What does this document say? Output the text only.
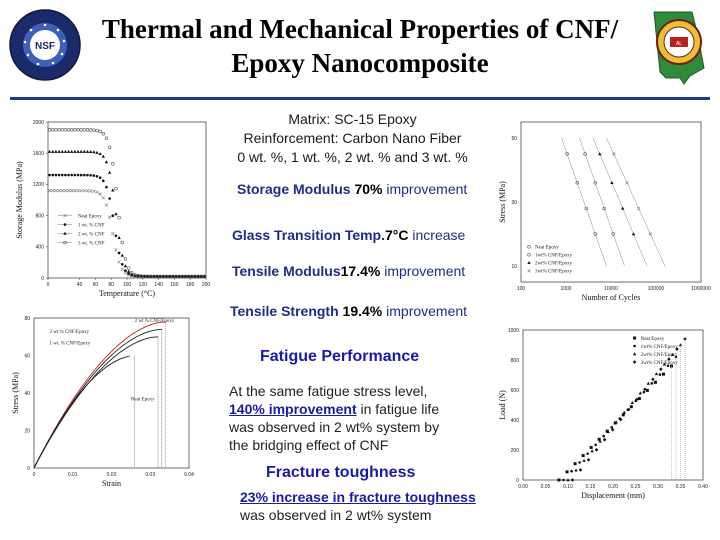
NSF	AL
Thermal and Mechanical Properties of CNF/
Epoxy Nanocomposite
0
400
800
1200
1600
2000
0	40 60 80 100 120 140 160 180 200
Temperature (°C)
Storage Modulus (MPa)	Neat Epoxy
1 wt. % CNF
2 wt. % CNF
3 wt. % CNF
10
30
50
100	1000	10000	100000	1000000
Number of Cycles
Stress (MPa)
Neat Epoxy
1wt% CNF/Epoxy
2wt% CNF/Epoxy
3wt% CNF/Epoxy
0
20
40
60
80
0	0.01	0.02	0.03	0.04
Strain
Stress (MPa)
2 wt.% CNF/Epoxy
3 wt.% CNF/Epoxy
1 wt. % CNF/Epoxy
Neat Epoxy
0
200
400
600
800
1000
0.00	0.05	0.10	0.15	0.20	0.25	0.30	0.35	0.40
Displacement (mm)
Load (N)
Neat Epoxy
1wt% CNF/Epoxy
2wt% CNF/Epoxy
3wt% CNF/Epoxy
Matrix: SC-15 Epoxy
Reinforcement: Carbon Nano Fiber
0 wt. %, 1 wt. %, 2 wt. % and 3 wt. %
Storage Modulus 70% improvement
Glass Transition Temp.7°C increase
Tensile Modulus17.4% improvement
Tensile Strength 19.4% improvement
Fatigue Performance
At the same fatigue stress level,
140% improvement in fatigue life
was observed in 2 wt% system by
the bridging effect of CNF
Fracture toughness
23% increase in fracture toughness
was observed in 2 wt% system
